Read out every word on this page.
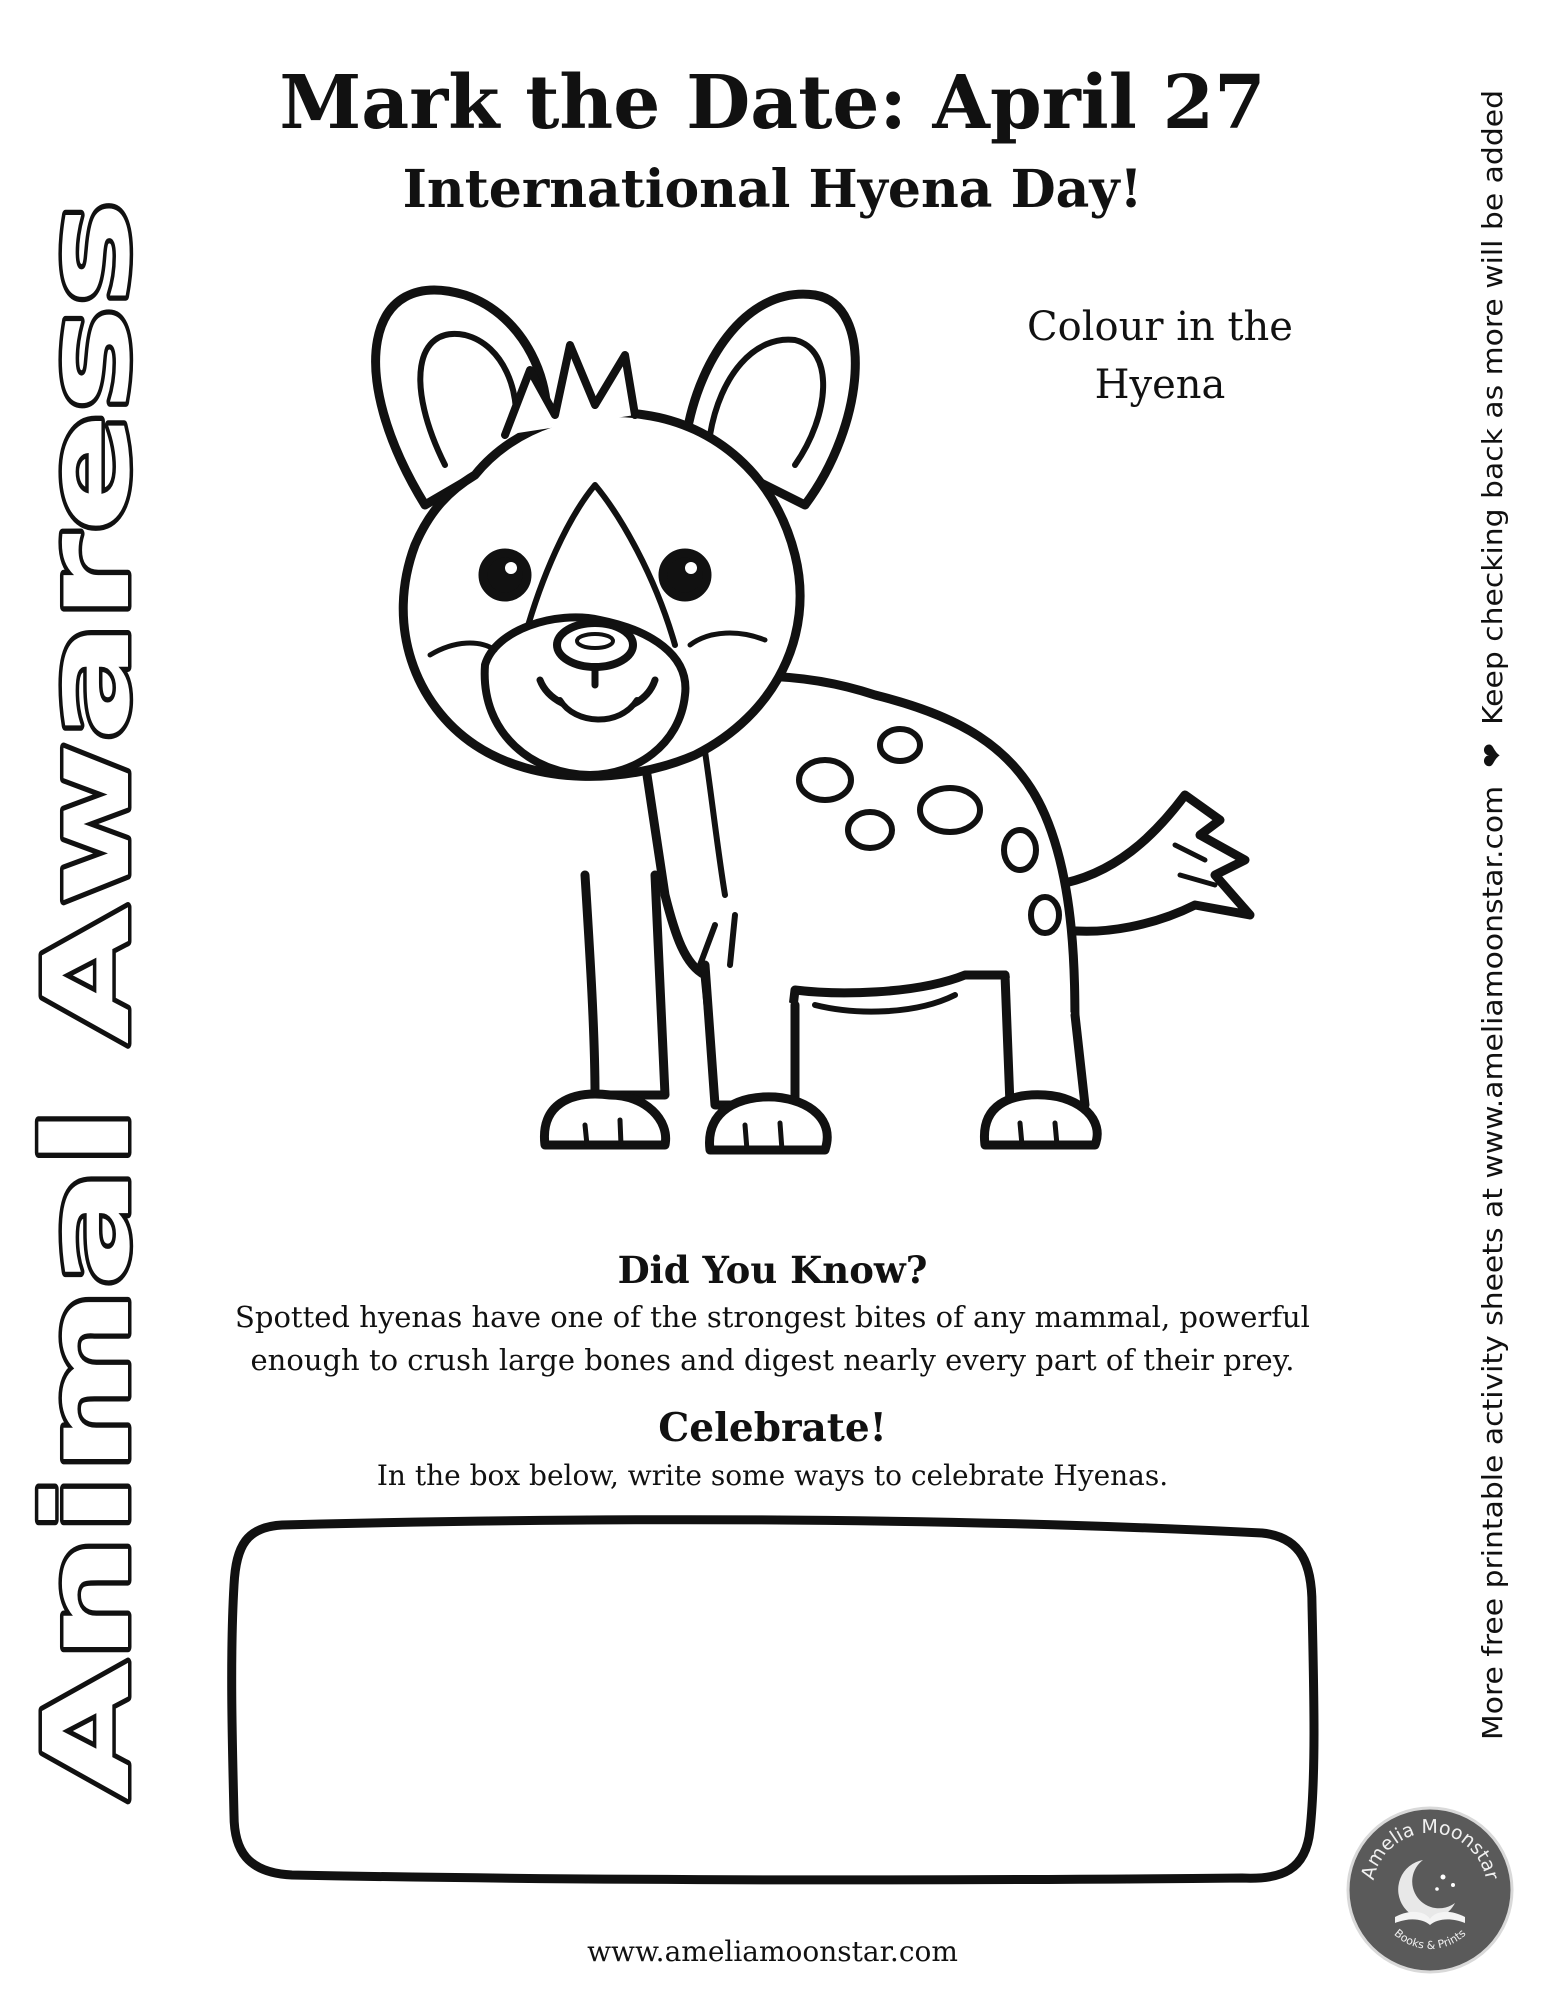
Mark the Date: April 27
International Hyena Day!
Animal Awaress	More free printable activity sheets at www.ameliamoonstar.com ❤ Keep checking back as more will be added
Colour in the Hyena
Did You Know?
Spotted hyenas have one of the strongest bites of any mammal, powerful enough to crush large bones and digest nearly every part of their prey.
Celebrate!
In the box below, write some ways to celebrate Hyenas.
Amelia Moonstar
Books & Prints
www.ameliamoonstar.com
